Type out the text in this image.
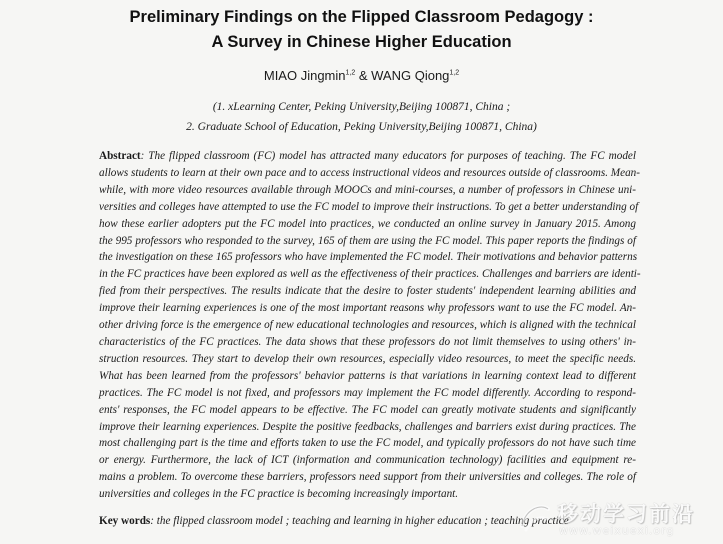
Preliminary Findings on the Flipped Classroom Pedagogy :
A Survey in Chinese Higher Education
MIAO Jingmin$^{1,2}$ & WANG Qiong$^{1,2}$
(1. xLearning Center, Peking University,Beijing 100871, China ;
2. Graduate School of Education, Peking University,Beijing 100871, China)
Abstract: The flipped classroom (FC) model has attracted many educators for purposes of teaching. The FC model
allows students to learn at their own pace and to access instructional videos and resources outside of classrooms. Mean-
while, with more video resources available through MOOCs and mini-courses, a number of professors in Chinese uni-
versities and colleges have attempted to use the FC model to improve their instructions. To get a better understanding of
how these earlier adopters put the FC model into practices, we conducted an online survey in January 2015. Among
the 995 professors who responded to the survey, 165 of them are using the FC model. This paper reports the findings of
the investigation on these 165 professors who have implemented the FC model. Their motivations and behavior patterns
in the FC practices have been explored as well as the effectiveness of their practices. Challenges and barriers are identi-
fied from their perspectives. The results indicate that the desire to foster students' independent learning abilities and
improve their learning experiences is one of the most important reasons why professors want to use the FC model. An-
other driving force is the emergence of new educational technologies and resources, which is aligned with the technical
characteristics of the FC practices. The data shows that these professors do not limit themselves to using others' in-
struction resources. They start to develop their own resources, especially video resources, to meet the specific needs.
What has been learned from the professors' behavior patterns is that variations in learning context lead to different
practices. The FC model is not fixed, and professors may implement the FC model differently. According to respond-
ents' responses, the FC model appears to be effective. The FC model can greatly motivate students and significantly
improve their learning experiences. Despite the positive feedbacks, challenges and barriers exist during practices. The
most challenging part is the time and efforts taken to use the FC model, and typically professors do not have such time
or energy. Furthermore, the lack of ICT (information and communication technology) facilities and equipment re-
mains a problem. To overcome these barriers, professors need support from their universities and colleges. The role of
universities and colleges in the FC practice is becoming increasingly important.
Key words: the flipped classroom model ; teaching and learning in higher education ; teaching practice
移动学习前沿
www.weixuexi.org
